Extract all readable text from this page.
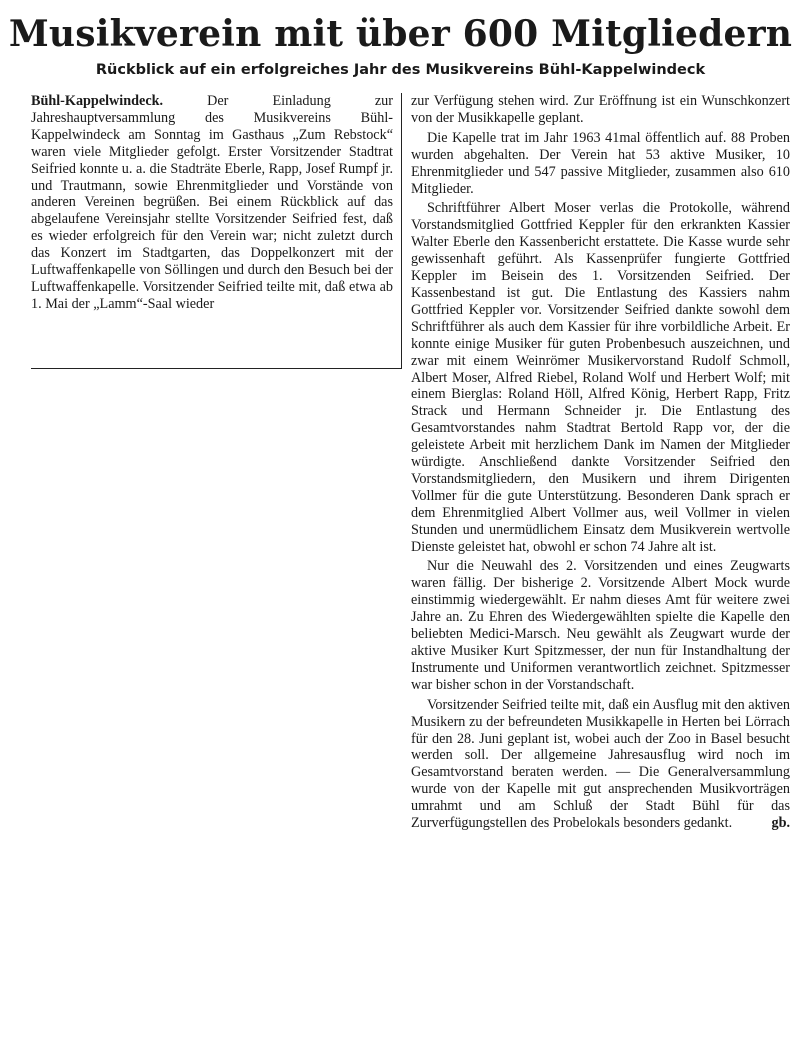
Musikverein mit über 600 Mitgliedern
Rückblick auf ein erfolgreiches Jahr des Musikvereins Bühl-Kappelwindeck

Bühl-Kappelwindeck.	Der Einladung zur Jahreshauptversammlung des Musikvereins Bühl-Kappelwindeck am Sonntag im Gasthaus „Zum Rebstock“ waren viele Mitglieder gefolgt. Erster Vorsitzender Stadtrat Seifried konnte u. a. die Stadträte Eberle, Rapp, Josef Rumpf jr. und Trautmann, sowie Ehrenmitglieder und Vorstände von anderen Vereinen begrüßen. Bei einem Rückblick auf das abgelaufene Vereinsjahr stellte Vorsitzender Seifried fest, daß es wieder erfolgreich für den Verein war; nicht zuletzt durch das Konzert im Stadtgarten, das Doppelkonzert mit der Luftwaffenkapelle von Söllingen und durch den Besuch bei der Luftwaffenkapelle. Vorsitzender Seifried teilte mit, daß etwa ab 1. Mai der „Lamm“-Saal wieder

zur Verfügung stehen wird. Zur Eröffnung ist ein Wunschkonzert von der Musikkapelle geplant.

Die Kapelle trat im Jahr 1963 41mal öffentlich auf. 88 Proben wurden abgehalten. Der Verein hat 53 aktive Musiker, 10 Ehrenmitglieder und 547 passive Mitglieder, zusammen also 610 Mitglieder.

Schriftführer Albert Moser verlas die Protokolle, während Vorstandsmitglied Gottfried Keppler für den erkrankten Kassier Walter Eberle den Kassenbericht erstattete. Die Kasse wurde sehr gewissenhaft geführt. Als Kassenprüfer fungierte Gottfried Keppler im Beisein des 1. Vorsitzenden Seifried. Der Kassenbestand ist gut. Die Entlastung des Kassiers nahm Gottfried Keppler vor. Vorsitzender Seifried dankte sowohl dem Schriftführer als auch dem Kassier für ihre vorbildliche Arbeit. Er konnte einige Musiker für guten Probenbesuch auszeichnen, und zwar mit einem Weinrömer Musikervorstand Rudolf Schmoll, Albert Moser, Alfred Riebel, Roland Wolf und Herbert Wolf; mit einem Bierglas: Roland Höll, Alfred König, Herbert Rapp, Fritz Strack und Hermann Schneider jr. Die Entlastung des Gesamtvorstandes nahm Stadtrat Bertold Rapp vor, der die geleistete Arbeit mit herzlichem Dank im Namen der Mitglieder würdigte. Anschließend dankte Vorsitzender Seifried den Vorstandsmitgliedern, den Musikern und ihrem Dirigenten Vollmer für die gute Unterstützung. Besonderen Dank sprach er dem Ehrenmitglied Albert Vollmer aus, weil Vollmer in vielen Stunden und unermüdlichem Einsatz dem Musikverein wertvolle Dienste geleistet hat, obwohl er schon 74 Jahre alt ist.

Nur die Neuwahl des 2. Vorsitzenden und eines Zeugwarts waren fällig. Der bisherige 2. Vorsitzende Albert Mock wurde einstimmig wiedergewählt. Er nahm dieses Amt für weitere zwei Jahre an. Zu Ehren des Wiedergewählten spielte die Kapelle den beliebten Medici-Marsch. Neu gewählt als Zeugwart wurde der aktive Musiker Kurt Spitzmesser, der nun für Instandhaltung der Instrumente und Uniformen verantwortlich zeichnet. Spitzmesser war bisher schon in der Vorstandschaft.

Vorsitzender Seifried teilte mit, daß ein Ausflug mit den aktiven Musikern zu der befreundeten Musikkapelle in Herten bei Lörrach für den 28. Juni geplant ist, wobei auch der Zoo in Basel besucht werden soll. Der allgemeine Jahresausflug wird noch im Gesamtvorstand beraten werden. — Die Generalversammlung wurde von der Kapelle mit gut ansprechenden Musikvorträgen umrahmt und am Schluß der Stadt Bühl für das Zurverfügungstellen des Probelokals besonders gedankt.	gb.
